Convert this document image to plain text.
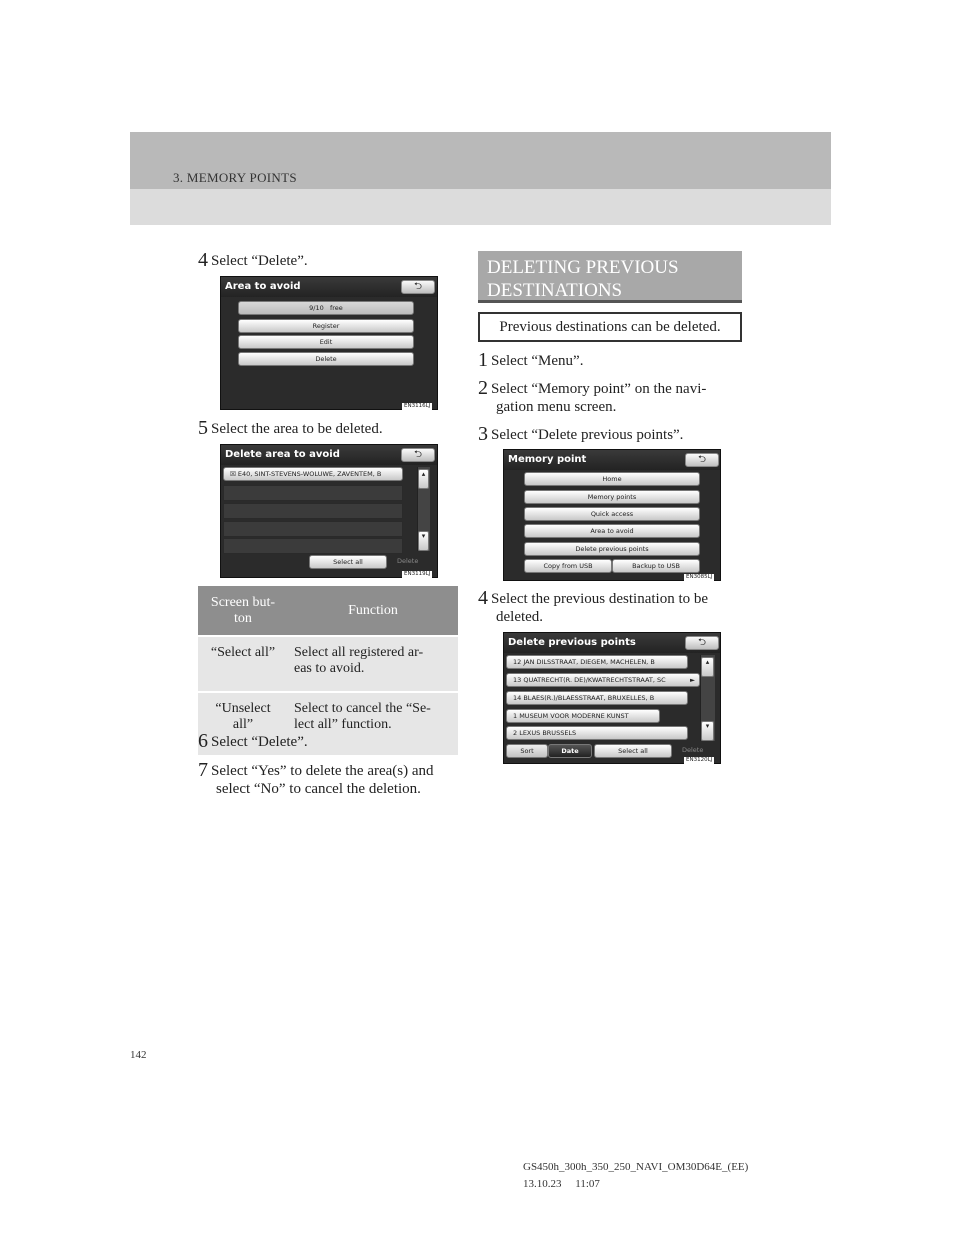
3. MEMORY POINTS
4 Select “Delete”.
Area to avoid	⮌
9/10 free
Register
Edit
Delete
EN3116LJ
5 Select the area to be deleted.
Delete area to avoid	⮌
☒ E40, SINT-STEVENS-WOLUWE, ZAVENTEM, B	▴
▾
Select all	Delete
EN3119LJ
Screen but-
ton	Function
“Select all”	Select all registered ar-
eas to avoid.
“Unselect
all”	Select to cancel the “Se-
lect all” function.
6 Select “Delete”.
7 Select “Yes” to delete the area(s) and
select “No” to cancel the deletion.
DELETING PREVIOUS
DESTINATIONS
Previous destinations can be deleted.
1 Select “Menu”.
2 Select “Memory point” on the navi-
gation menu screen.
3 Select “Delete previous points”.
Memory point	⮌
Home
Memory points
Quick access
Area to avoid
Delete previous points
Copy from USB	Backup to USB
EN3085LJ
4 Select the previous destination to be
deleted.
Delete previous points	⮌
12 JAN DILSSTRAAT, DIEGEM, MACHELEN, B
13 QUATRECHT(R. DE)/KWATRECHTSTRAAT, SC	►
14 BLAES(R.)/BLAESSTRAAT, BRUXELLES, B
1 MUSEUM VOOR MODERNE KUNST
2 LEXUS BRUSSELS
▴
▾
Sort	Date	Select all	Delete
EN3120LJ
142
GS450h_300h_350_250_NAVI_OM30D64E_(EE)
13.10.23     11:07
